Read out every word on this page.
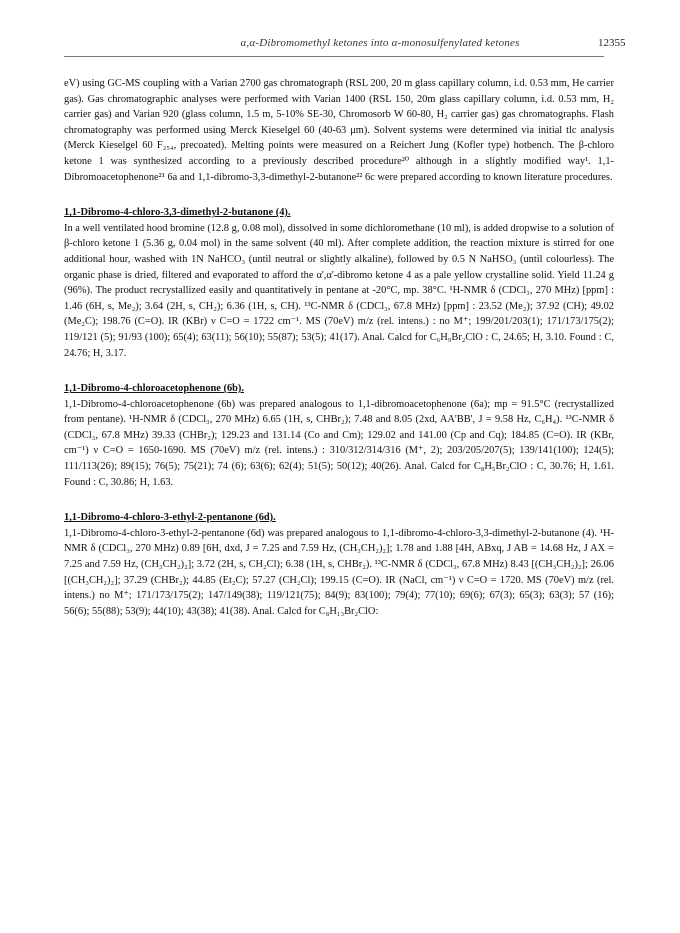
α,α-Dibromomethyl ketones into α-monosulfenylated ketones	12355

eV) using GC-MS coupling with a Varian 2700 gas chromatograph (RSL 200, 20 m glass capillary column, i.d. 0.53 mm, He carrier gas). Gas chromatographic analyses were performed with Varian 1400 (RSL 150, 20m glass capillary column, i.d. 0.53 mm, H₂ carrier gas) and Varian 920 (glass column, 1.5 m, 5-10% SE-30, Chromosorb W 60-80, H₂ carrier gas) gas chromatographs. Flash chromatography was performed using Merck Kieselgel 60 (40-63 μm). Solvent systems were determined via initial tlc analysis (Merck Kieselgel 60 F₂₅₄, precoated). Melting points were measured on a Reichert Jung (Kofler type) hotbench. The β-chloro ketone 1 was synthesized according to a previously described procedure²⁰ although in a slightly modified way¹. 1,1-Dibromoacetophenone²¹ 6a and 1,1-dibromo-3,3-dimethyl-2-butanone²² 6c were prepared according to known literature procedures.

1,1-Dibromo-4-chloro-3,3-dimethyl-2-butanone (4).

In a well ventilated hood bromine (12.8 g, 0.08 mol), dissolved in some dichloromethane (10 ml), is added dropwise to a solution of β-chloro ketone 1 (5.36 g, 0.04 mol) in the same solvent (40 ml). After complete addition, the reaction mixture is stirred for one additional hour, washed with 1N NaHCO₃ (until neutral or slightly alkaline), followed by 0.5 N NaHSO₃ (until colourless). The organic phase is dried, filtered and evaporated to afford the α',α'-dibromo ketone 4 as a pale yellow crystalline solid. Yield 11.24 g (96%). The product recrystallized easily and quantitatively in pentane at -20°C, mp. 38°C. ¹H-NMR δ (CDCl₃, 270 MHz) [ppm] : 1.46 (6H, s, Me₂); 3.64 (2H, s, CH₂); 6.36 (1H, s, CH). ¹³C-NMR δ (CDCl₃, 67.8 MHz) [ppm] : 23.52 (Me₂); 37.92 (CH); 49.02 (Me₂C); 198.76 (C=O). IR (KBr) ν C=O = 1722 cm⁻¹. MS (70eV) m/z (rel. intens.) : no M⁺; 199/201/203(1); 171/173/175(2); 119/121 (5); 91/93 (100); 65(4); 63(11); 56(10); 55(87); 53(5); 41(17). Anal. Calcd for C₆H₉Br₂ClO : C, 24.65; H, 3.10. Found : C, 24.76; H, 3.17.

1,1-Dibromo-4-chloroacetophenone (6b).

1,1-Dibromo-4-chloroacetophenone (6b) was prepared analogous to 1,1-dibromoacetophenone (6a); mp = 91.5°C (recrystallized from pentane). ¹H-NMR δ (CDCl₃, 270 MHz) 6.65 (1H, s, CHBr₂); 7.48 and 8.05 (2xd, AA'BB', J = 9.58 Hz, C₆H₄). ¹³C-NMR δ (CDCl₃, 67.8 MHz) 39.33 (CHBr₂); 129.23 and 131.14 (Co and Cm); 129.02 and 141.00 (Cp and Cq); 184.85 (C=O). IR (KBr, cm⁻¹) ν C=O = 1650-1690. MS (70eV) m/z (rel. intens.) : 310/312/314/316 (M⁺, 2); 203/205/207(5); 139/141(100); 124(5); 111/113(26); 89(15); 76(5); 75(21); 74 (6); 63(6); 62(4); 51(5); 50(12); 40(26). Anal. Calcd for C₈H₅Br₂ClO : C, 30.76; H, 1.61. Found : C, 30.86; H, 1.63.

1,1-Dibromo-4-chloro-3-ethyl-2-pentanone (6d).

1,1-Dibromo-4-chloro-3-ethyl-2-pentanone (6d) was prepared analogous to 1,1-dibromo-4-chloro-3,3-dimethyl-2-butanone (4). ¹H-NMR δ (CDCl₃, 270 MHz) 0.89 [6H, dxd, J = 7.25 and 7.59 Hz, (CH₃CH₂)₂]; 1.78 and 1.88 [4H, ABxq, J AB = 14.68 Hz, J AX = 7.25 and 7.59 Hz, (CH₃CH₂)₂]; 3.72 (2H, s, CH₂Cl); 6.38 (1H, s, CHBr₂). ¹³C-NMR δ (CDCl₃, 67.8 MHz) 8.43 [(CH₃CH₂)₂]; 26.06 [(CH₃CH₂)₂]; 37.29 (CHBr₂); 44.85 (Et₂C); 57.27 (CH₂Cl); 199.15 (C=O). IR (NaCl, cm⁻¹) ν C=O = 1720. MS (70eV) m/z (rel. intens.) no M⁺; 171/173/175(2); 147/149(38); 119/121(75); 84(9); 83(100); 79(4); 77(10); 69(6); 67(3); 65(3); 63(3); 57 (16); 56(6); 55(88); 53(9); 44(10); 43(38); 41(38). Anal. Calcd for C₈H₁₃Br₂ClO:
